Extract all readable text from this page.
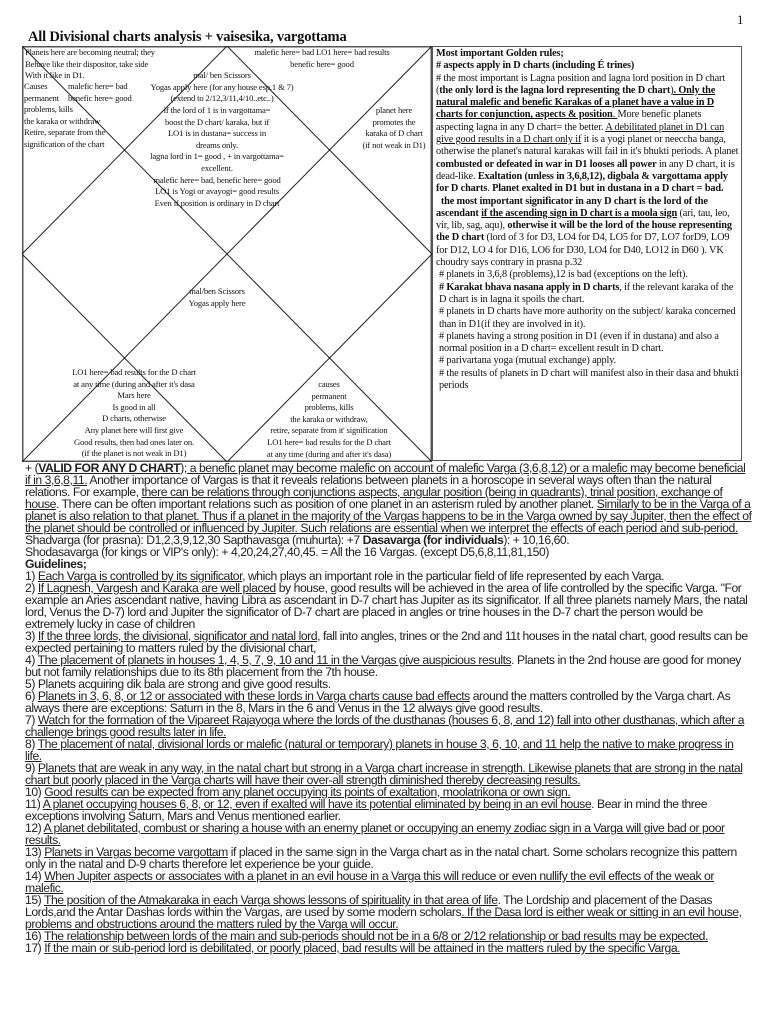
1
All Divisional charts analysis + vaisesika, vargottama
Planets here are becoming neutral; they
Behave like their dispositor, take side
With it like in D1.
malefic here= bad LO1 here= bad results
benefic here= good
mal/ ben Scissors
Yogas apply here (for any house esp.1 & 7)
(extend to 2/12,3/11,4/10..etc..)
Causes
permanent
problems, kills
the karaka or withdraw
Retire, separate from the
signification of the chart
malefic here= bad
benefic here= good
if the lord of 1 is in vargottama=
boost the D chart/ karaka, but if
LO1 is in dustana= success in
dreams only.
lagna lord in 1= good , + in vargottama=
excellent.
malefic here= bad, benefic here= good
LO1 is Yogi or avayogi= good results
Even if position is ordinary in D chart
planet here
promotes the
karaka of D chart
(if not weak in D1)
mal/ben Scissors
Yogas apply here
LO1 here= bad results for the D chart
at any time (during and after it's dasa
Mars here
Is good in all
D charts, otherwise
Any planet here will first give
Good results, then bad ones later on.
(if the planet is not weak in D1)
causes
permanent
problems, kills
the karaka or withdraw,
retire, separate from it' signification
LO1 here= bad results for the D chart
at any time (during and after it's dasa)

Most important Golden rules;

# aspects apply in D charts (including É trines)

# the most important is Lagna position and lagna lord position in D chart (the only lord is the lagna lord representing the D chart). Only the natural malefic and benefic Karakas of a planet have a value in D charts for conjunction, aspects & position. More benefic planets aspecting lagna in any D chart= the better. A debilitated planet in D1 can give good results in a D chart only if it is a yogi planet or neeccha banga, otherwise the planet's natural karakas will fail in it's bhukti periods. A planet combusted or defeated in war in D1 looses all power in any D chart, it is dead-like. Exaltation (unless in 3,6,8,12), digbala & vargottama apply for D charts. Planet exalted in D1 but in dustana in a D chart = bad.

the most important significator in any D chart is the lord of the ascendant if the ascending sign in D chart is a moola sign (ari, tau, leo, vir, lib, sag, aqu), otherwise it will be the lord of the house representing the D chart (lord of 3 for D3, LO4 for D4, LO5 for D7, LO7 forD9, LO9 for D12, LO 4 for D16, LO6 for D30, LO4 for D40, LO12 in D60 ). VK choudry says contrary in prasna p.32

# planets in 3,6,8 (problems),12 is bad (exceptions on the left).

# Karakat bhava nasana apply in D charts, if the relevant karaka of the D chart is in lagna it spoils the chart.

# planets in D charts have more authority on the subject/ karaka concerned than in D1(if they are involved in it).

# planets having a strong position in D1 (even if in dustana) and also a normal position in a D chart= excellent result in D chart.

# parivartana yoga (mutual exchange) apply.

# the results of planets in D chart will manifest also in their dasa and bhukti periods

+ (VALID FOR ANY D CHART); a benefic planet may become malefic on account of malefic Varga (3,6,8,12) or a malefic may become beneficial if in 3,6,8,11. Another importance of Vargas is that it reveals relations between planets in a horoscope in several ways often than the natural relations. For example, there can be relations through conjunctions aspects, angular position (being in quadrants), trinal position, exchange of house. There can be often important relations such as position of one planet in an asterism ruled by another planet. Similarly to be in the Varga of a planet is also relation to that planet. Thus if a planet in the majority of the Vargas happens to be in the Varga owned by say Jupiter, then the effect of the planet should be controlled or influenced by Jupiter. Such relations are essential when we interpret the effects of each period and sub-period.

Shadvarga (for prasna): D1,2,3,9,12,30 Sapthavasga (muhurta): +7 Dasavarga (for individuals): + 10,16,60.

Shodasavarga (for kings or VIP's only): + 4,20,24,27,40,45. = All the 16 Vargas. (except D5,6,8,11,81,150)

Guidelines;

1) Each Varga is controlled by its significator, which plays an important role in the particular field of life represented by each Varga.

2) If Lagnesh, Vargesh and Karaka are well placed by house, good results will be achieved in the area of life controlled by the specific Varga. "For example an Aries ascendant native, having Libra as ascendant in D-7 chart has Jupiter as its significator. If all three planets namely Mars, the natal lord, Venus the D-7) lord and Jupiter the significator of D-7 chart are placed in angles or trine houses in the D-7 chart the person would be extremely lucky in case of children

3) If the three lords, the divisional, significator and natal lord, fall into angles, trines or the 2nd and 11t houses in the natal chart, good results can be expected pertaining to matters ruled by the divisional chart,

4) The placement of planets in houses 1, 4, 5, 7, 9, 10 and 11 in the Vargas give auspicious results. Planets in the 2nd house are good for money but not family relationships due to its 8th placement from the 7th house.

5) Planets acquiring dik bala are strong and give good results.

6) Planets in 3, 6, 8, or 12 or associated with these lords in Varga charts cause bad effects around the matters controlled by the Varga chart. As always there are exceptions: Saturn in the 8, Mars in the 6 and Venus in the 12 always give good results.

7) Watch for the formation of the Vipareet Rajayoga where the lords of the dusthanas (houses 6, 8, and 12) fall into other dusthanas, which after a challenge brings good results later in life.

8) The placement of natal, divisional lords or malefic (natural or temporary) planets in house 3, 6, 10, and 11 help the native to make progress in life.

9) Planets that are weak in any way, in the natal chart but strong in a Varga chart increase in strength. Likewise planets that are strong in the natal chart but poorly placed in the Varga charts will have their over-all strength diminished thereby decreasing results.

10) Good results can be expected from any planet occupying its points of exaltation, moolatrikona or own sign.

11) A planet occupying houses 6, 8, or 12, even if exalted will have its potential eliminated by being in an evil house. Bear in mind the three exceptions involving Saturn, Mars and Venus mentioned earlier.

12) A planet debilitated, combust or sharing a house with an enemy planet or occupying an enemy zodiac sign in a Varga will give bad or poor results.

13) Planets in Vargas become vargottam if placed in the same sign in the Varga chart as in the natal chart. Some scholars recognize this pattern only in the natal and D-9 charts therefore let experience be your guide.

14) When Jupiter aspects or associates with a planet in an evil house in a Varga this will reduce or even nullify the evil effects of the weak or malefic.

15) The position of the Atmakaraka in each Varga shows lessons of spirituality in that area of life. The Lordship and placement of the Dasas Lords,and the Antar Dashas lords within the Vargas, are used by some modern scholars. If the Dasa lord is either weak or sitting in an evil house, problems and obstructions around the matters ruled by the Varga will occur.

16) The relationship between lords of the main and sub-periods should not be in a 6/8 or 2/12 relationship or bad results may be expected.

17) If the main or sub-period lord is debilitated, or poorly placed, bad results will be attained in the matters ruled by the specific Varga.
